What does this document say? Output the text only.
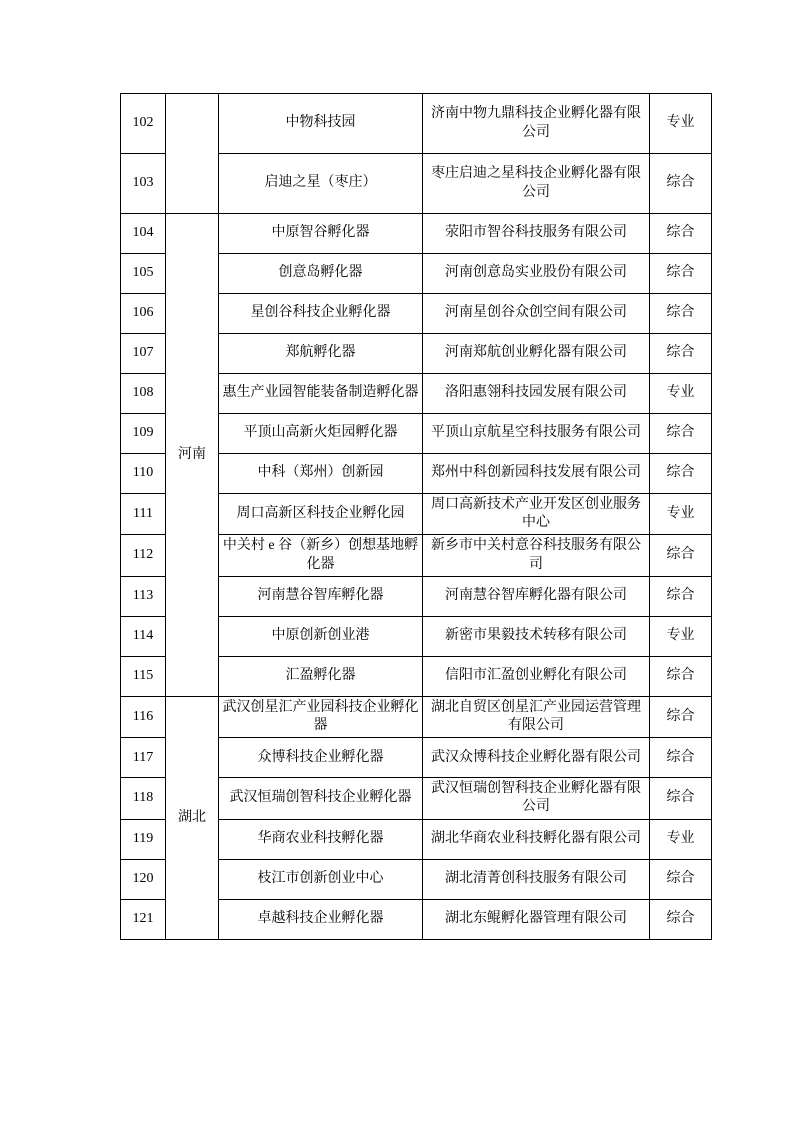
102		中物科技园	济南中物九鼎科技企业孵化器有限公司	专业
103		启迪之星（枣庄）	枣庄启迪之星科技企业孵化器有限公司	综合
104	河南	中原智谷孵化器	荥阳市智谷科技服务有限公司	综合
105		创意岛孵化器	河南创意岛实业股份有限公司	综合
106		星创谷科技企业孵化器	河南星创谷众创空间有限公司	综合
107		郑航孵化器	河南郑航创业孵化器有限公司	综合
108		惠生产业园智能装备制造孵化器	洛阳惠翎科技园发展有限公司	专业
109		平顶山高新火炬园孵化器	平顶山京航星空科技服务有限公司	综合
110		中科（郑州）创新园	郑州中科创新园科技发展有限公司	综合
111		周口高新区科技企业孵化园	周口高新技术产业开发区创业服务中心	专业
112		中关村 e 谷（新乡）创想基地孵化器	新乡市中关村意谷科技服务有限公司	综合
113		河南慧谷智库孵化器	河南慧谷智库孵化器有限公司	综合
114		中原创新创业港	新密市果毅技术转移有限公司	专业
115		汇盈孵化器	信阳市汇盈创业孵化有限公司	综合
116	湖北	武汉创星汇产业园科技企业孵化器	湖北自贸区创星汇产业园运营管理有限公司	综合
117		众博科技企业孵化器	武汉众博科技企业孵化器有限公司	综合
118		武汉恒瑞创智科技企业孵化器	武汉恒瑞创智科技企业孵化器有限公司	综合
119		华商农业科技孵化器	湖北华商农业科技孵化器有限公司	专业
120		枝江市创新创业中心	湖北清菁创科技服务有限公司	综合
121		卓越科技企业孵化器	湖北东鲲孵化器管理有限公司	综合
